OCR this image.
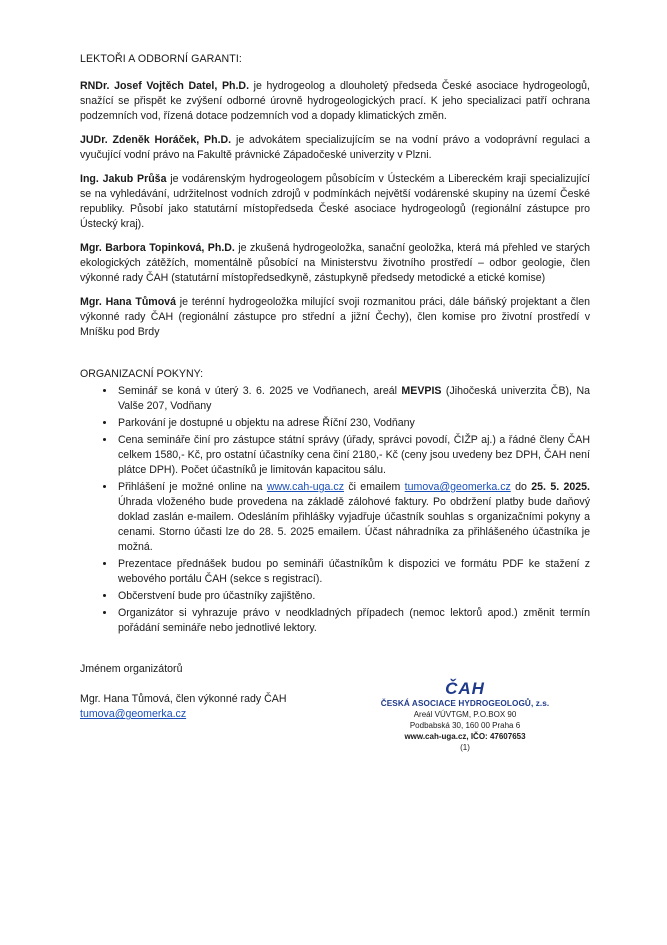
LEKTOŘI A ODBORNÍ GARANTI:
RNDr. Josef Vojtěch Datel, Ph.D. je hydrogeolog a dlouholetý předseda České asociace hydrogeologů, snažící se přispět ke zvýšení odborné úrovně hydrogeologických prací. K jeho specializaci patří ochrana podzemních vod, řízená dotace podzemních vod a dopady klimatických změn.
JUDr. Zdeněk Horáček, Ph.D. je advokátem specializujícím se na vodní právo a vodoprávní regulaci a vyučující vodní právo na Fakultě právnické Západočeské univerzity v Plzni.
Ing. Jakub Průša je vodárenským hydrogeologem působícím v Ústeckém a Libereckém kraji specializující se na vyhledávání, udržitelnost vodních zdrojů v podmínkách největší vodárenské skupiny na území České republiky. Působí jako statutární místopředseda České asociace hydrogeologů (regionální zástupce pro Ústecký kraj).
Mgr. Barbora Topinková, Ph.D. je zkušená hydrogeoložka, sanační geoložka, která má přehled ve starých ekologických zátěžích, momentálně působící na Ministerstvu životního prostředí – odbor geologie, člen výkonné rady ČAH (statutární místopředsedkyně, zástupkyně předsedy metodické a etické komise)
Mgr. Hana Tůmová je terénní hydrogeoložka milující svoji rozmanitou práci, dále báňský projektant a člen výkonné rady ČAH (regionální zástupce pro střední a jižní Čechy), člen komise pro životní prostředí v Mníšku pod Brdy
ORGANIZACNÍ POKYNY:
• Seminář se koná v úterý 3. 6. 2025 ve Vodňanech, areál MEVPIS (Jihočeská univerzita ČB), Na Valše 207, Vodňany
• Parkování je dostupné u objektu na adrese Říční 230, Vodňany
• Cena semináře činí pro zástupce státní správy (úřady, správci povodí, ČIŽP aj.) a řádné členy ČAH celkem 1580,- Kč, pro ostatní účastníky cena činí 2180,- Kč (ceny jsou uvedeny bez DPH, ČAH není plátce DPH). Počet účastníků je limitován kapacitou sálu.
• Přihlášení je možné online na www.cah-uga.cz či emailem tumova@geomerka.cz do 25. 5. 2025. Úhrada vloženého bude provedena na základě zálohové faktury. Po obdržení platby bude daňový doklad zaslán e-mailem. Odesláním přihlášky vyjadřuje účastník souhlas s organizačními pokyny a cenami. Storno účasti lze do 28. 5. 2025 emailem. Účast náhradníka za přihlášeného účastníka je možná.
• Prezentace přednášek budou po semináři účastníkům k dispozici ve formátu PDF ke stažení z webového portálu ČAH (sekce s registrací).
• Občerstvení bude pro účastníky zajištěno.
• Organizátor si vyhrazuje právo v neodkladných případech (nemoc lektorů apod.) změnit termín pořádání semináře nebo jednotlivé lektory.
Jménem organizátorů
Mgr. Hana Tůmová, člen výkonné rady ČAH
tumova@geomerka.cz
ČAH
ČESKÁ ASOCIACE HYDROGEOLOGŮ, z.s.
Areál VÚVTGM, P.O.BOX 90
Podbabská 30, 160 00 Praha 6
www.cah-uga.cz, IČO: 47607653
(1)
